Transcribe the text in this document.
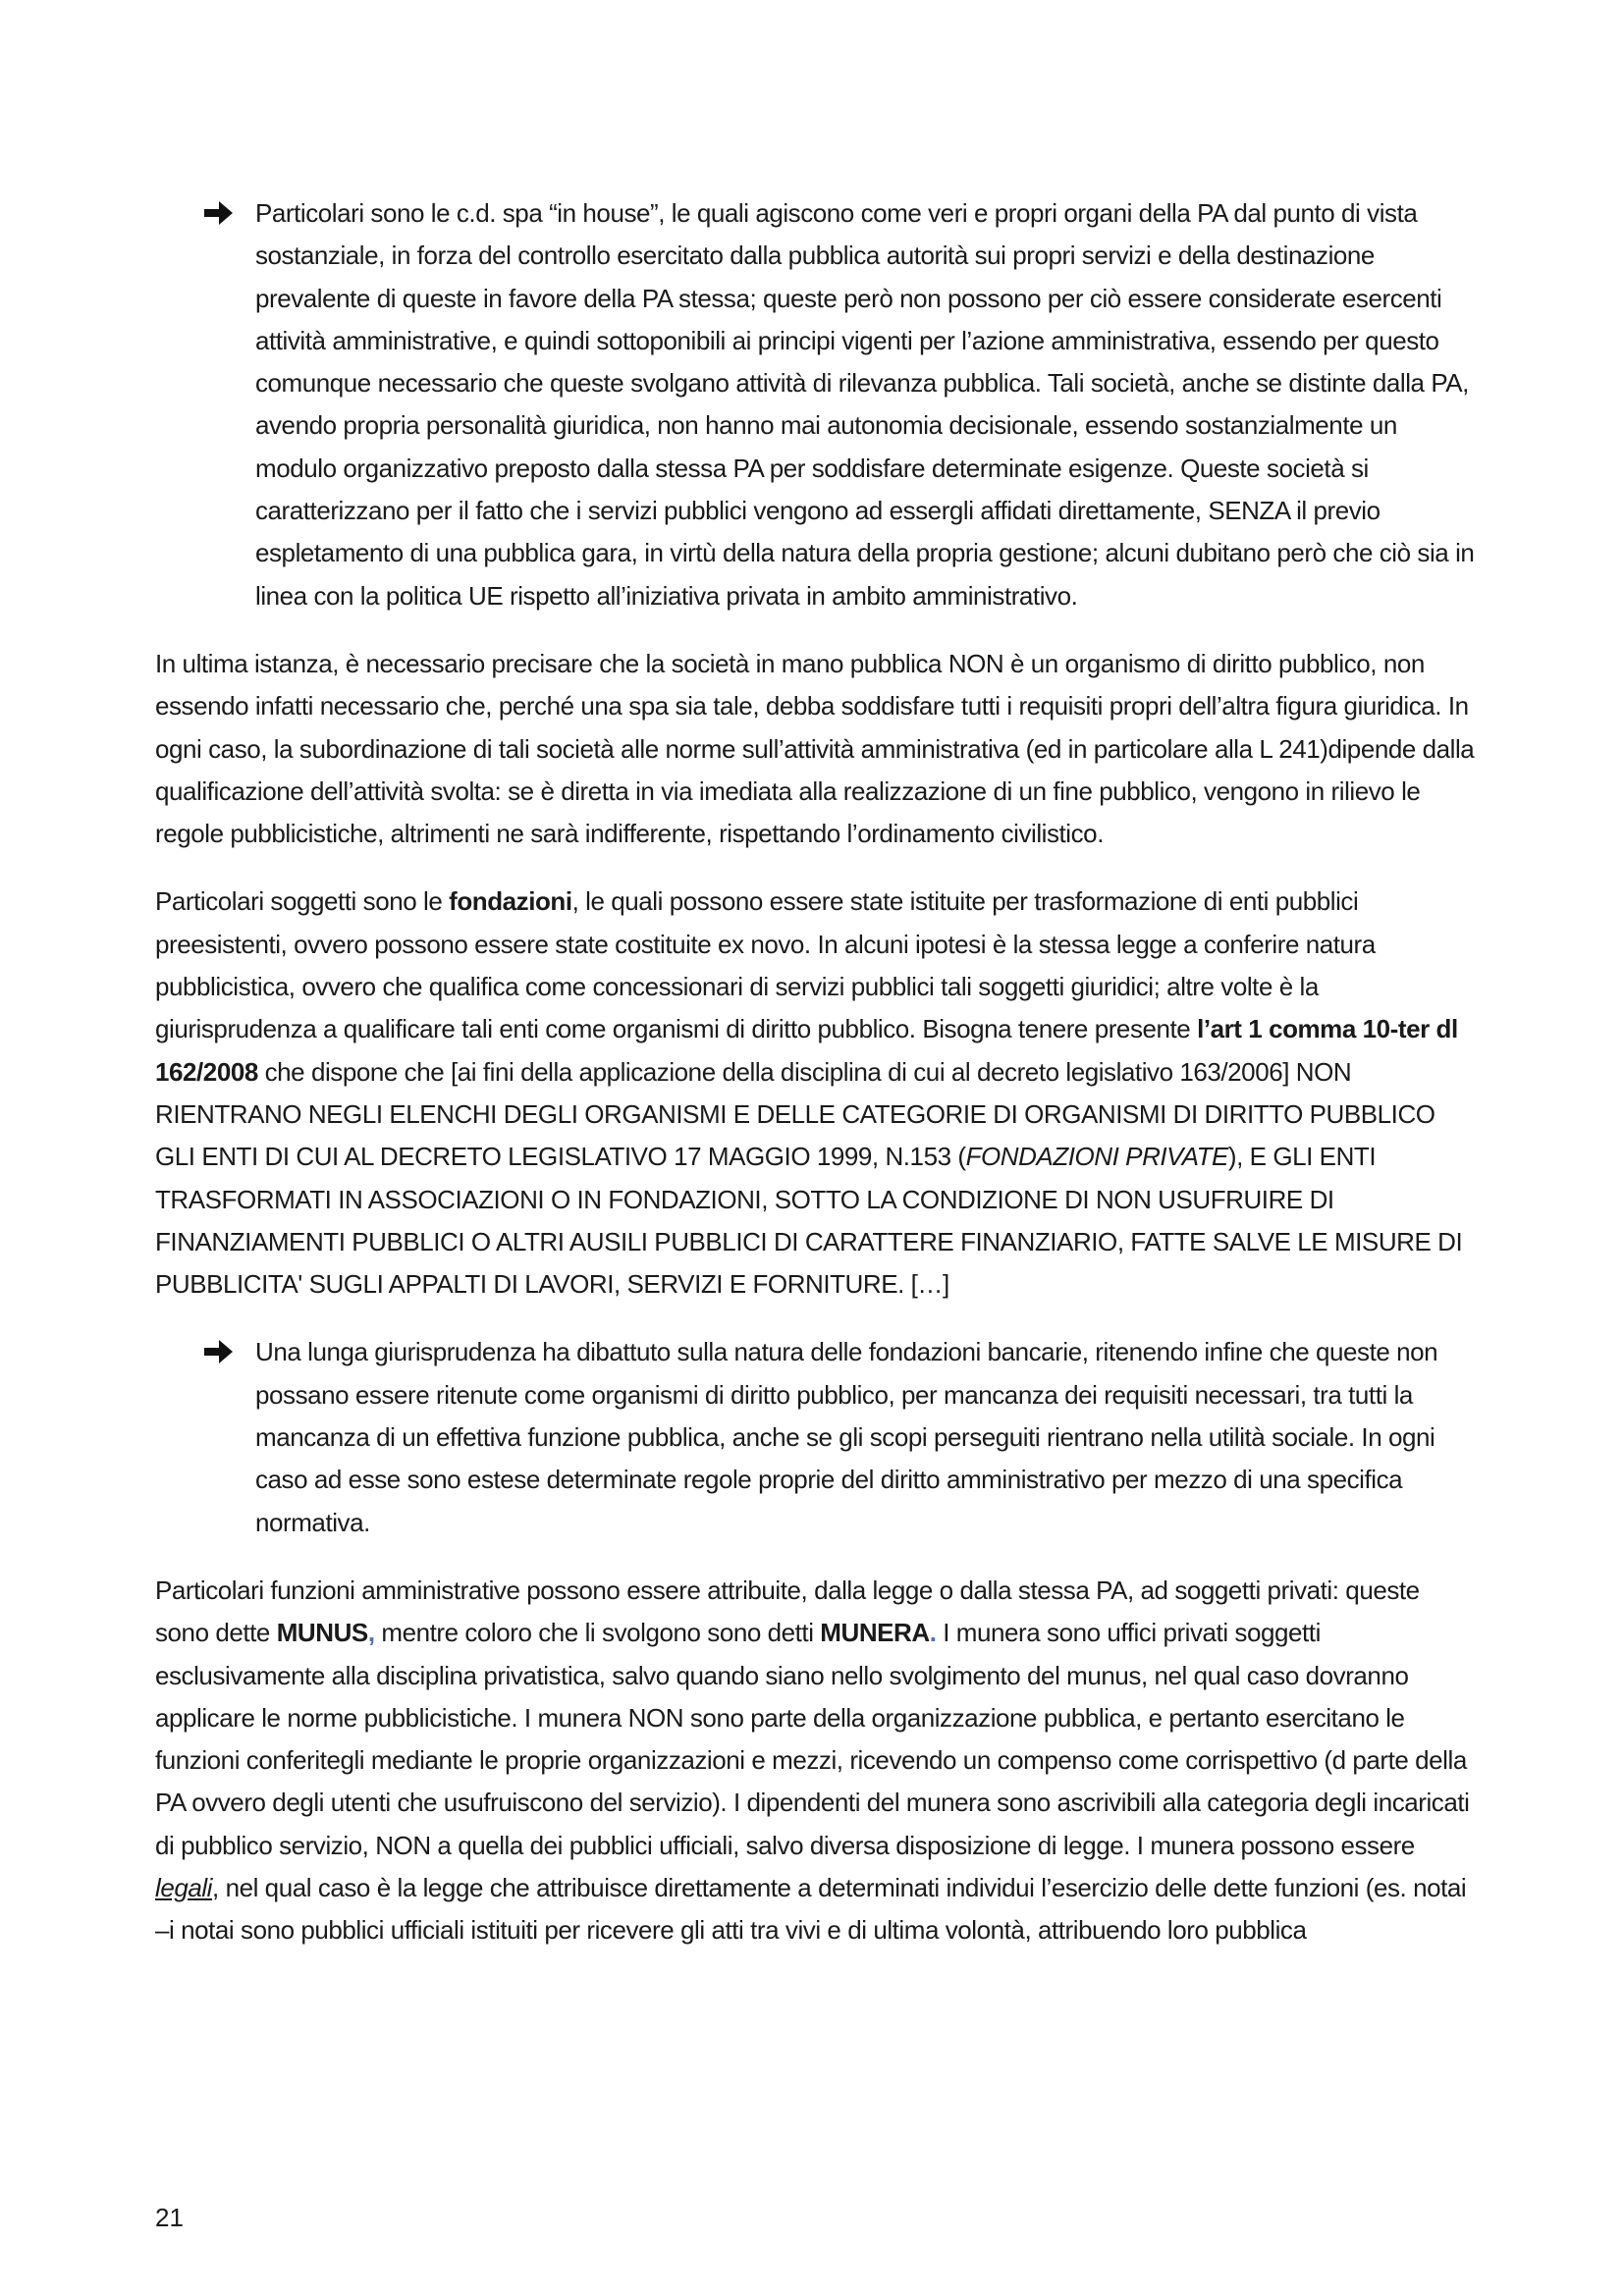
Particolari sono le c.d. spa “in house”, le quali agiscono come veri e propri organi della PA dal punto di vista sostanziale, in forza del controllo esercitato dalla pubblica autorità sui propri servizi e della destinazione prevalente di queste in favore della PA stessa; queste però non possono per ciò essere considerate esercenti attività amministrative, e quindi sottoponibili ai principi vigenti per l’azione amministrativa, essendo per questo comunque necessario che queste svolgano attività di rilevanza pubblica. Tali società, anche se distinte dalla PA, avendo propria personalità giuridica, non hanno mai autonomia decisionale, essendo sostanzialmente un modulo organizzativo preposto dalla stessa PA per soddisfare determinate esigenze. Queste società si caratterizzano per il fatto che i servizi pubblici vengono ad essergli affidati direttamente, SENZA il previo espletamento di una pubblica gara, in virtù della natura della propria gestione; alcuni dubitano però che ciò sia in linea con la politica UE rispetto all’iniziativa privata in ambito amministrativo.

In ultima istanza, è necessario precisare che la società in mano pubblica NON è un organismo di diritto pubblico, non essendo infatti necessario che, perché una spa sia tale, debba soddisfare tutti i requisiti propri dell’altra figura giuridica. In ogni caso, la subordinazione di tali società alle norme sull’attività amministrativa (ed in particolare alla L 241)dipende dalla qualificazione dell’attività svolta: se è diretta in via imediata alla realizzazione di un fine pubblico, vengono in rilievo le regole pubblicistiche, altrimenti ne sarà indifferente, rispettando l’ordinamento civilistico.

Particolari soggetti sono le fondazioni, le quali possono essere state istituite per trasformazione di enti pubblici preesistenti, ovvero possono essere state costituite ex novo. In alcuni ipotesi è la stessa legge a conferire natura pubblicistica, ovvero che qualifica come concessionari di servizi pubblici tali soggetti giuridici; altre volte è la giurisprudenza a qualificare tali enti come organismi di diritto pubblico. Bisogna tenere presente l’art 1 comma 10-ter dl 162/2008 che dispone che [ai fini della applicazione della disciplina di cui al decreto legislativo 163/2006] NON RIENTRANO NEGLI ELENCHI DEGLI ORGANISMI E DELLE CATEGORIE DI ORGANISMI DI DIRITTO PUBBLICO GLI ENTI DI CUI AL DECRETO LEGISLATIVO 17 MAGGIO 1999, N.153 (FONDAZIONI PRIVATE), E GLI ENTI TRASFORMATI IN ASSOCIAZIONI O IN FONDAZIONI, SOTTO LA CONDIZIONE DI NON USUFRUIRE DI FINANZIAMENTI PUBBLICI O ALTRI AUSILI PUBBLICI DI CARATTERE FINANZIARIO, FATTE SALVE LE MISURE DI PUBBLICITA' SUGLI APPALTI DI LAVORI, SERVIZI E FORNITURE. […]

Una lunga giurisprudenza ha dibattuto sulla natura delle fondazioni bancarie, ritenendo infine che queste non possano essere ritenute come organismi di diritto pubblico, per mancanza dei requisiti necessari, tra tutti la mancanza di un effettiva funzione pubblica, anche se gli scopi perseguiti rientrano nella utilità sociale. In ogni caso ad esse sono estese determinate regole proprie del diritto amministrativo per mezzo di una specifica normativa.

Particolari funzioni amministrative possono essere attribuite, dalla legge o dalla stessa PA, ad soggetti privati: queste sono dette MUNUS, mentre coloro che li svolgono sono detti MUNERA. I munera sono uffici privati soggetti esclusivamente alla disciplina privatistica, salvo quando siano nello svolgimento del munus, nel qual caso dovranno applicare le norme pubblicistiche. I munera NON sono parte della organizzazione pubblica, e pertanto esercitano le funzioni conferitegli mediante le proprie organizzazioni e mezzi, ricevendo un compenso come corrispettivo (d parte della PA ovvero degli utenti che usufruiscono del servizio). I dipendenti del munera sono ascrivibili alla categoria degli incaricati di pubblico servizio, NON a quella dei pubblici ufficiali, salvo diversa disposizione di legge. I munera possono essere legali, nel qual caso è la legge che attribuisce direttamente a determinati individui l’esercizio delle dette funzioni (es. notai –i notai sono pubblici ufficiali istituiti per ricevere gli atti tra vivi e di ultima volontà, attribuendo loro pubblica

21
